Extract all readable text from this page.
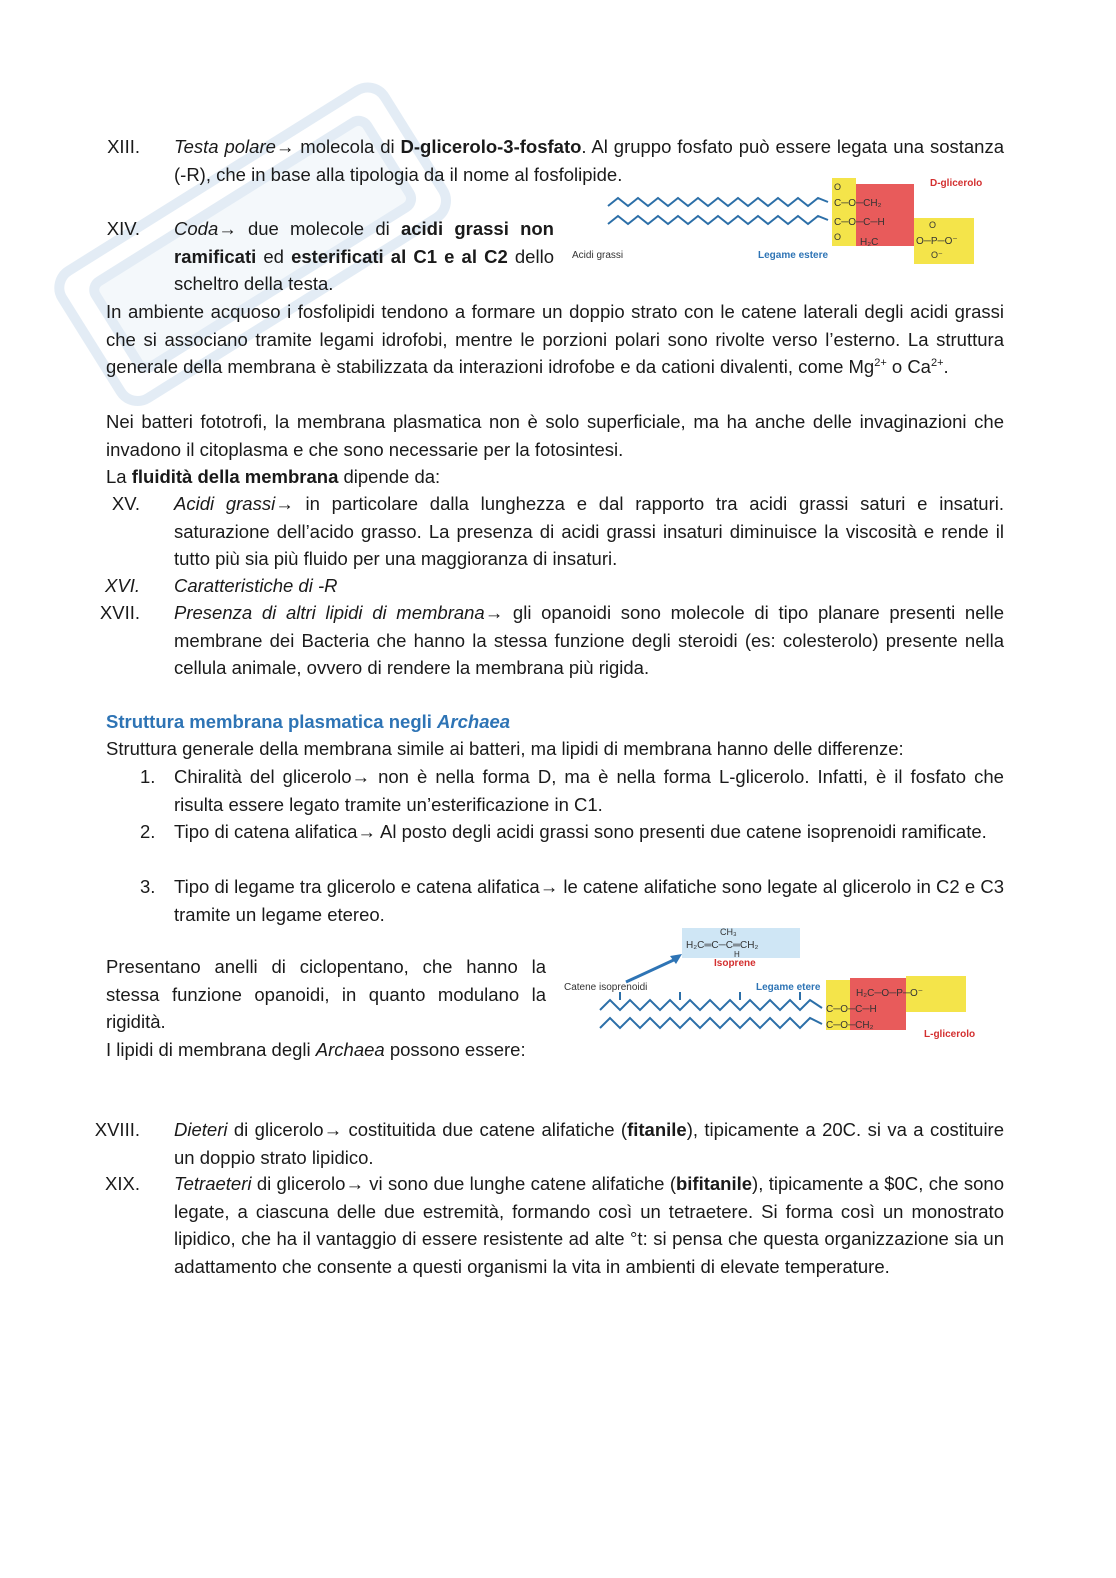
XIII. Testa polare→ molecola di D-glicerolo-3-fosfato. Al gruppo fosfato può essere legata una sostanza (-R), che in base alla tipologia da il nome al fosfolipide.
XIV. Coda→ due molecole di acidi grassi non ramificati ed esterificati al C1 e al C2 dello scheltro della testa.
C─O─CH₂
C─O─C─H
H₂C	O─P─O⁻
O⁻
O
O
O
D-glicerolo
Acidi grassi	Legame estere
In ambiente acquoso i fosfolipidi tendono a formare un doppio strato con le catene laterali degli acidi grassi che si associano tramite legami idrofobi, mentre le porzioni polari sono rivolte verso l’esterno. La struttura generale della membrana è stabilizzata da interazioni idrofobe e da cationi divalenti, come $Mg^{2+}$ o $Ca^{2+}$.
Nei batteri fototrofi, la membrana plasmatica non è solo superficiale, ma ha anche delle invaginazioni che invadono il citoplasma e che sono necessarie per la fotosintesi.
La fluidità della membrana dipende da:
XV. Acidi grassi→ in particolare dalla lunghezza e dal rapporto tra acidi grassi saturi e insaturi. saturazione dell’acido grasso. La presenza di acidi grassi insaturi diminuisce la viscosità e rende il tutto più sia più fluido per una maggioranza di insaturi.
XVI. Caratteristiche di -R
XVII. Presenza di altri lipidi di membrana→ gli opanoidi sono molecole di tipo planare presenti nelle membrane dei Bacteria che hanno la stessa funzione degli steroidi (es: colesterolo) presente nella cellula animale, ovvero di rendere la membrana più rigida.
Struttura membrana plasmatica negli Archaea
Struttura generale della membrana simile ai batteri, ma lipidi di membrana hanno delle differenze:
1. Chiralità del glicerolo→ non è nella forma D, ma è nella forma L-glicerolo. Infatti, è il fosfato che risulta essere legato tramite un’esterificazione in C1.
2. Tipo di catena alifatica→ Al posto degli acidi grassi sono presenti due catene isoprenoidi ramificate.
3. Tipo di legame tra glicerolo e catena alifatica→ le catene alifatiche sono legate al glicerolo in C2 e C3 tramite un legame etereo.
CH₃
H₂C═C─C═CH₂
H
Isoprene
Catene isoprenoidi	Legame etere
H₂C─O─P─O⁻
C─O─C─H
C─O─CH₂
L-glicerolo
Presentano anelli di ciclopentano, che hanno la stessa funzione opanoidi, in quanto modulano la rigidità.
I lipidi di membrana degli Archaea possono essere:
XVIII. Dieteri di glicerolo→ costituitida due catene alifatiche (fitanile), tipicamente a 20C. si va a costituire un doppio strato lipidico.
XIX. Tetraeteri di glicerolo→ vi sono due lunghe catene alifatiche (bifitanile), tipicamente a $0C, che sono legate, a ciascuna delle due estremità, formando così un tetraetere. Si forma così un monostrato lipidico, che ha il vantaggio di essere resistente ad alte °t: si pensa che questa organizzazione sia un adattamento che consente a questi organismi la vita in ambienti di elevate temperature.
